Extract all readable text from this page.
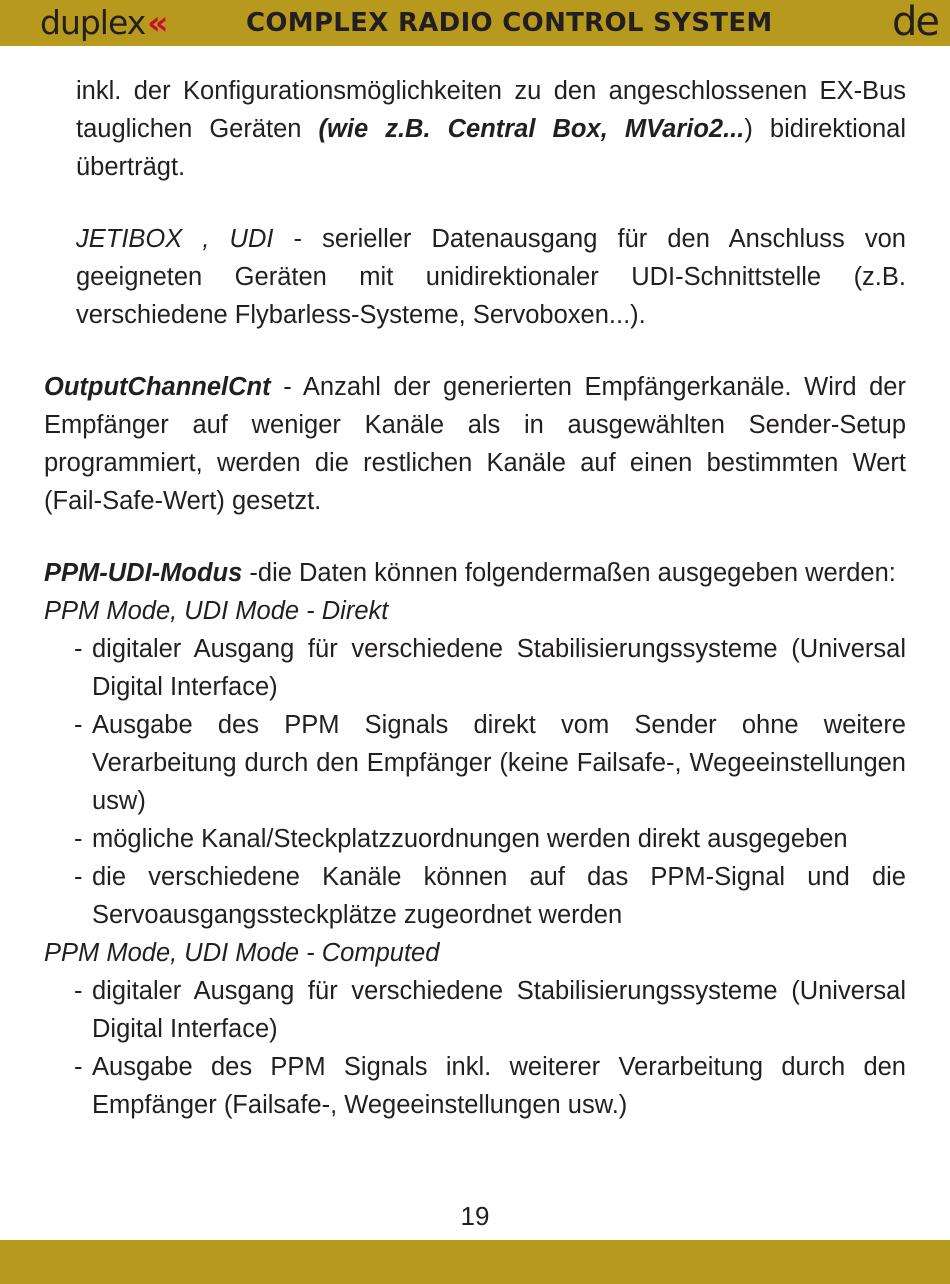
duplex«	COMPLEX RADIO CONTROL SYSTEM	de

inkl. der Konfigurationsmöglichkeiten zu den angeschlossenen EX-Bus tauglichen Geräten (wie z.B. Central Box, MVario2...) bidirektional überträgt.

JETIBOX , UDI - serieller Datenausgang für den Anschluss von geeigneten Geräten mit unidirektionaler UDI-Schnittstelle (z.B. verschiedene Flybarless-Systeme, Servoboxen...).

OutputChannelCnt - Anzahl der generierten Empfängerkanäle. Wird der Empfänger auf weniger Kanäle als in ausgewählten Sender-Setup programmiert, werden die restlichen Kanäle auf einen bestimmten Wert (Fail-Safe-Wert) gesetzt.

PPM-UDI-Modus -die Daten können folgendermaßen ausgegeben werden:

PPM Mode, UDI Mode - Direkt

- digitaler Ausgang für verschiedene Stabilisierungssysteme (Universal Digital Interface)
- Ausgabe des PPM Signals direkt vom Sender ohne weitere Verarbeitung durch den Empfänger (keine Failsafe-, Wegeeinstellungen usw)
- mögliche Kanal/Steckplatzzuordnungen werden direkt ausgegeben
- die verschiedene Kanäle können auf das PPM-Signal und die Servoausgangssteckplätze zugeordnet werden

PPM Mode, UDI Mode - Computed

- digitaler Ausgang für verschiedene Stabilisierungssysteme (Universal Digital Interface)
- Ausgabe des PPM Signals inkl. weiterer Verarbeitung durch den Empfänger (Failsafe-, Wegeeinstellungen usw.)
19
